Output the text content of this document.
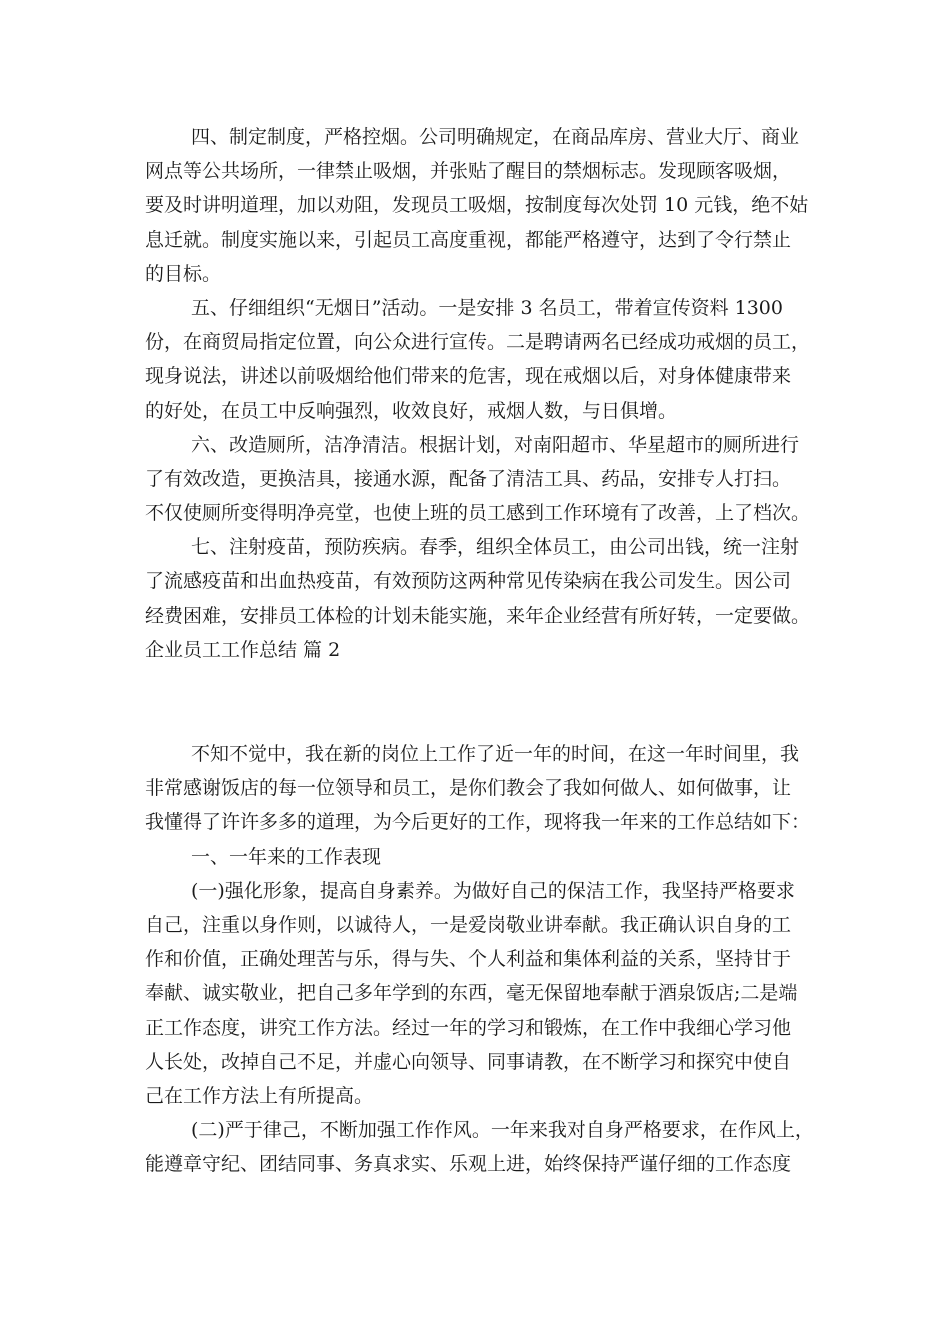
四、制定制度，严格控烟。公司明确规定，在商品库房、营业大厅、商业
网点等公共场所，一律禁止吸烟，并张贴了醒目的禁烟标志。发现顾客吸烟，
要及时讲明道理，加以劝阻，发现员工吸烟，按制度每次处罚 10 元钱，绝不姑
息迁就。制度实施以来，引起员工高度重视，都能严格遵守，达到了令行禁止
的目标。
五、仔细组织“无烟日”活动。一是安排 3 名员工，带着宣传资料 1300
份，在商贸局指定位置，向公众进行宣传。二是聘请两名已经成功戒烟的员工，
现身说法，讲述以前吸烟给他们带来的危害，现在戒烟以后，对身体健康带来
的好处，在员工中反响强烈，收效良好，戒烟人数，与日俱增。
六、改造厕所，洁净清洁。根据计划，对南阳超市、华星超市的厕所进行
了有效改造，更换洁具，接通水源，配备了清洁工具、药品，安排专人打扫。
不仅使厕所变得明净亮堂，也使上班的员工感到工作环境有了改善，上了档次。
七、注射疫苗，预防疾病。春季，组织全体员工，由公司出钱，统一注射
了流感疫苗和出血热疫苗，有效预防这两种常见传染病在我公司发生。因公司
经费困难，安排员工体检的计划未能实施，来年企业经营有所好转，一定要做。
企业员工工作总结 篇 2
不知不觉中，我在新的岗位上工作了近一年的时间，在这一年时间里，我
非常感谢饭店的每一位领导和员工，是你们教会了我如何做人、如何做事，让
我懂得了许许多多的道理，为今后更好的工作，现将我一年来的工作总结如下：
一、一年来的工作表现
(一)强化形象，提高自身素养。为做好自己的保洁工作，我坚持严格要求
自己，注重以身作则，以诚待人，一是爱岗敬业讲奉献。我正确认识自身的工
作和价值，正确处理苦与乐，得与失、个人利益和集体利益的关系，坚持甘于
奉献、诚实敬业，把自己多年学到的东西，毫无保留地奉献于酒泉饭店;二是端
正工作态度，讲究工作方法。经过一年的学习和锻炼，在工作中我细心学习他
人长处，改掉自己不足，并虚心向领导、同事请教，在不断学习和探究中使自
己在工作方法上有所提高。
(二)严于律己，不断加强工作作风。一年来我对自身严格要求，在作风上，
能遵章守纪、团结同事、务真求实、乐观上进，始终保持严谨仔细的工作态度
